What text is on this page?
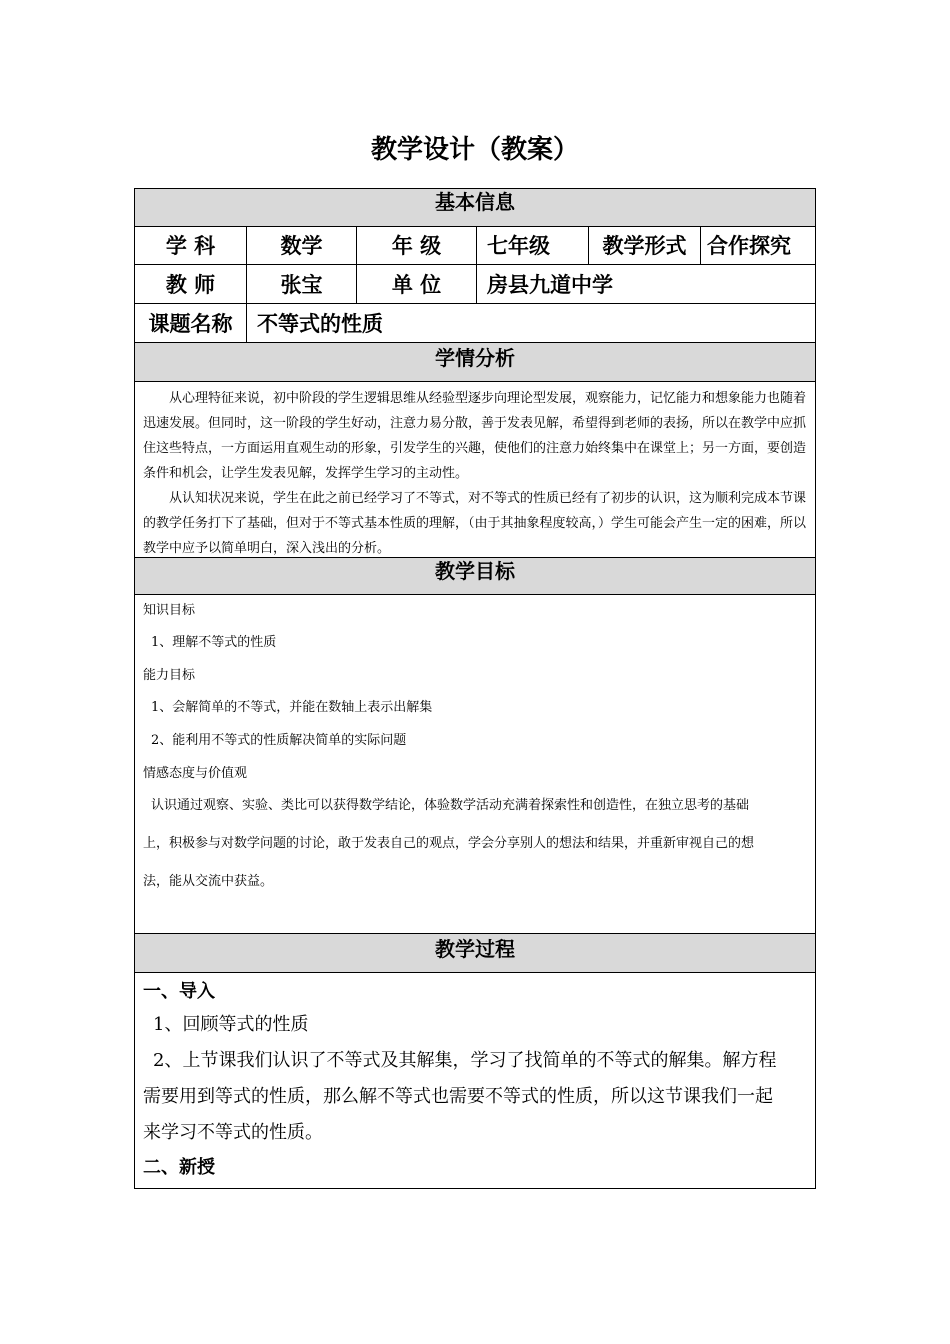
教学设计（教案）
基本信息
学 科	数学	年 级	七年级	教学形式 合作探究
教 师	张宝	单 位	房县九道中学
课题名称	不等式的性质
学情分析

从心理特征来说，初中阶段的学生逻辑思维从经验型逐步向理论型发展，观察能力，记忆能力和想象能力也随着迅速发展。但同时，这一阶段的学生好动，注意力易分散，善于发表见解，希望得到老师的表扬，所以在教学中应抓住这些特点，一方面运用直观生动的形象，引发学生的兴趣，使他们的注意力始终集中在课堂上；另一方面，要创造条件和机会，让学生发表见解，发挥学生学习的主动性。

从认知状况来说，学生在此之前已经学习了不等式，对不等式的性质已经有了初步的认识，这为顺利完成本节课的教学任务打下了基础，但对于不等式基本性质的理解，（由于其抽象程度较高，）学生可能会产生一定的困难，所以教学中应予以简单明白，深入浅出的分析。

教学目标

知识目标

1、理解不等式的性质

能力目标

1、会解简单的不等式，并能在数轴上表示出解集

2、能利用不等式的性质解决简单的实际问题

情感态度与价值观

认识通过观察、实验、类比可以获得数学结论，体验数学活动充满着探索性和创造性，在独立思考的基础

上，积极参与对数学问题的讨论，敢于发表自己的观点，学会分享别人的想法和结果，并重新审视自己的想

法，能从交流中获益。

教学过程

一、导入

1、回顾等式的性质

2、上节课我们认识了不等式及其解集，学习了找简单的不等式的解集。解方程

需要用到等式的性质，那么解不等式也需要不等式的性质，所以这节课我们一起

来学习不等式的性质。

二、新授
